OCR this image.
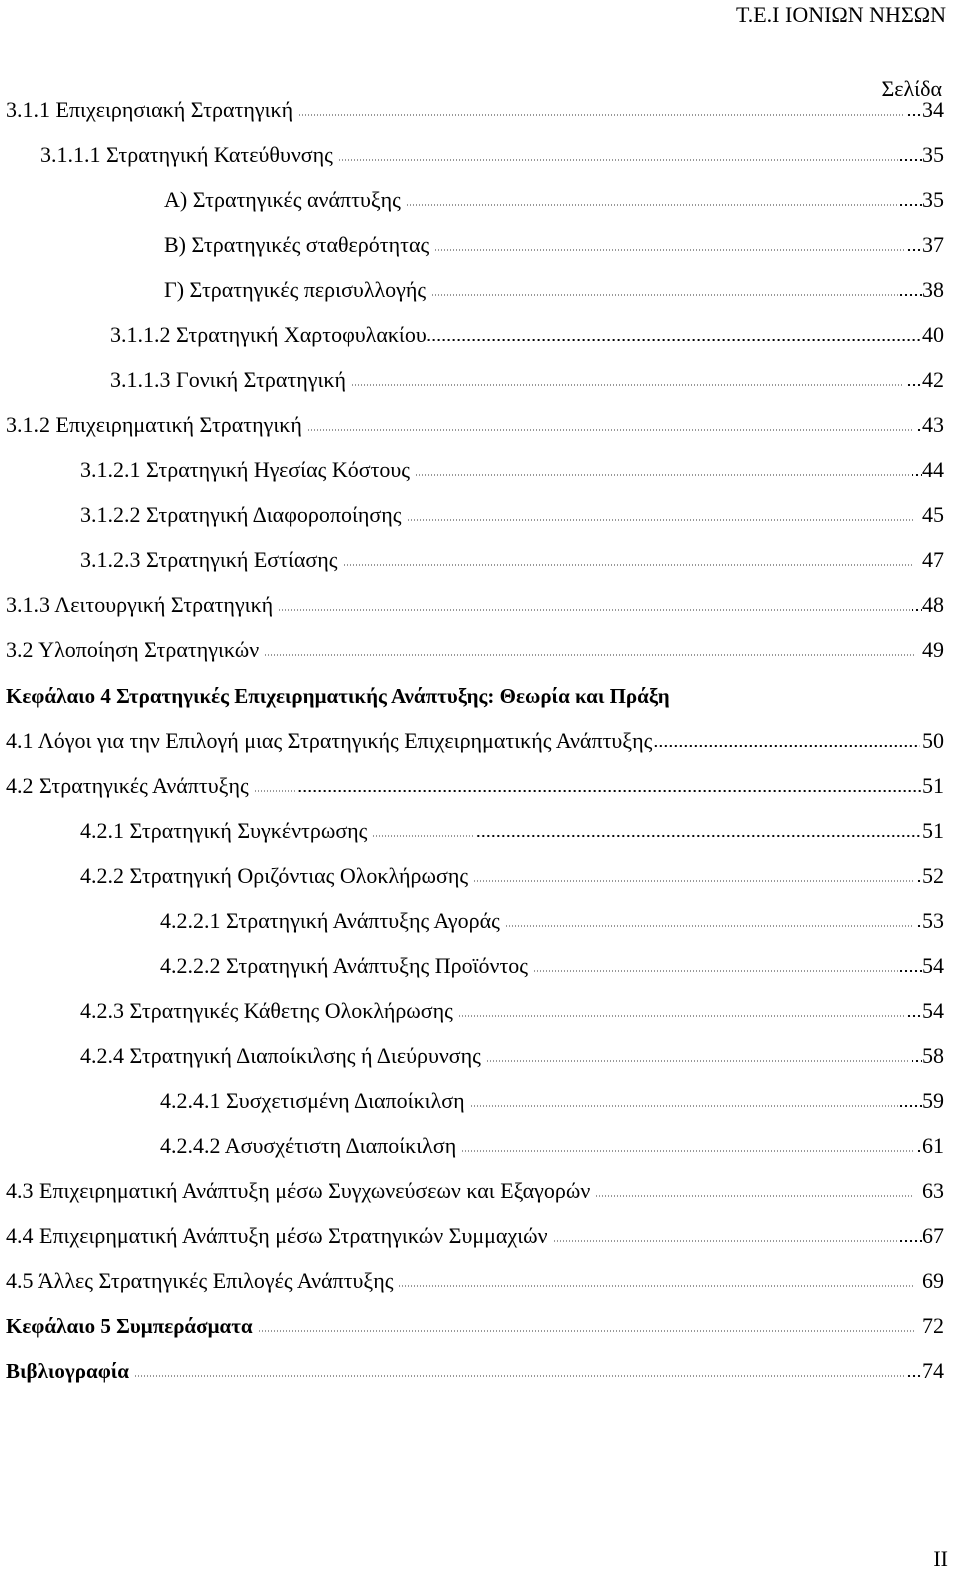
Τ.Ε.Ι ΙΟΝΙΩΝ ΝΗΣΩΝ
Σελίδα
3.1.1 Επιχειρησιακή Στρατηγική	34
3.1.1.1 Στρατηγική Κατεύθυνσης	35
Α) Στρατηγικές ανάπτυξης	35
Β) Στρατηγικές σταθερότητας	37
Γ) Στρατηγικές περισυλλογής	38
3.1.1.2 Στρατηγική Χαρτοφυλακίου	40
3.1.1.3 Γονική Στρατηγική	42
3.1.2 Επιχειρηματική Στρατηγική	43
3.1.2.1 Στρατηγική Ηγεσίας Κόστους	44
3.1.2.2 Στρατηγική Διαφοροποίησης	45
3.1.2.3 Στρατηγική Εστίασης	47
3.1.3 Λειτουργική Στρατηγική	48
3.2 Υλοποίηση Στρατηγικών	49
Κεφάλαιο 4 Στρατηγικές Επιχειρηματικής Ανάπτυξης: Θεωρία και Πράξη
4.1 Λόγοι για την Επιλογή μιας Στρατηγικής Επιχειρηματικής Ανάπτυξης	50
4.2 Στρατηγικές Ανάπτυξης	51
4.2.1 Στρατηγική Συγκέντρωσης	51
4.2.2 Στρατηγική Οριζόντιας Ολοκλήρωσης	52
4.2.2.1 Στρατηγική Ανάπτυξης Αγοράς	53
4.2.2.2 Στρατηγική Ανάπτυξης Προϊόντος	54
4.2.3 Στρατηγικές Κάθετης Ολοκλήρωσης	54
4.2.4 Στρατηγική Διαποίκιλσης ή Διεύρυνσης	58
4.2.4.1 Συσχετισμένη Διαποίκιλση	59
4.2.4.2 Ασυσχέτιστη Διαποίκιλση	61
4.3 Επιχειρηματική Ανάπτυξη μέσω Συγχωνεύσεων και Εξαγορών	63
4.4 Επιχειρηματική Ανάπτυξη μέσω Στρατηγικών Συμμαχιών	67
4.5 Άλλες Στρατηγικές Επιλογές Ανάπτυξης	69
Κεφάλαιο 5 Συμπεράσματα	72
Βιβλιογραφία	74
ΙΙ
